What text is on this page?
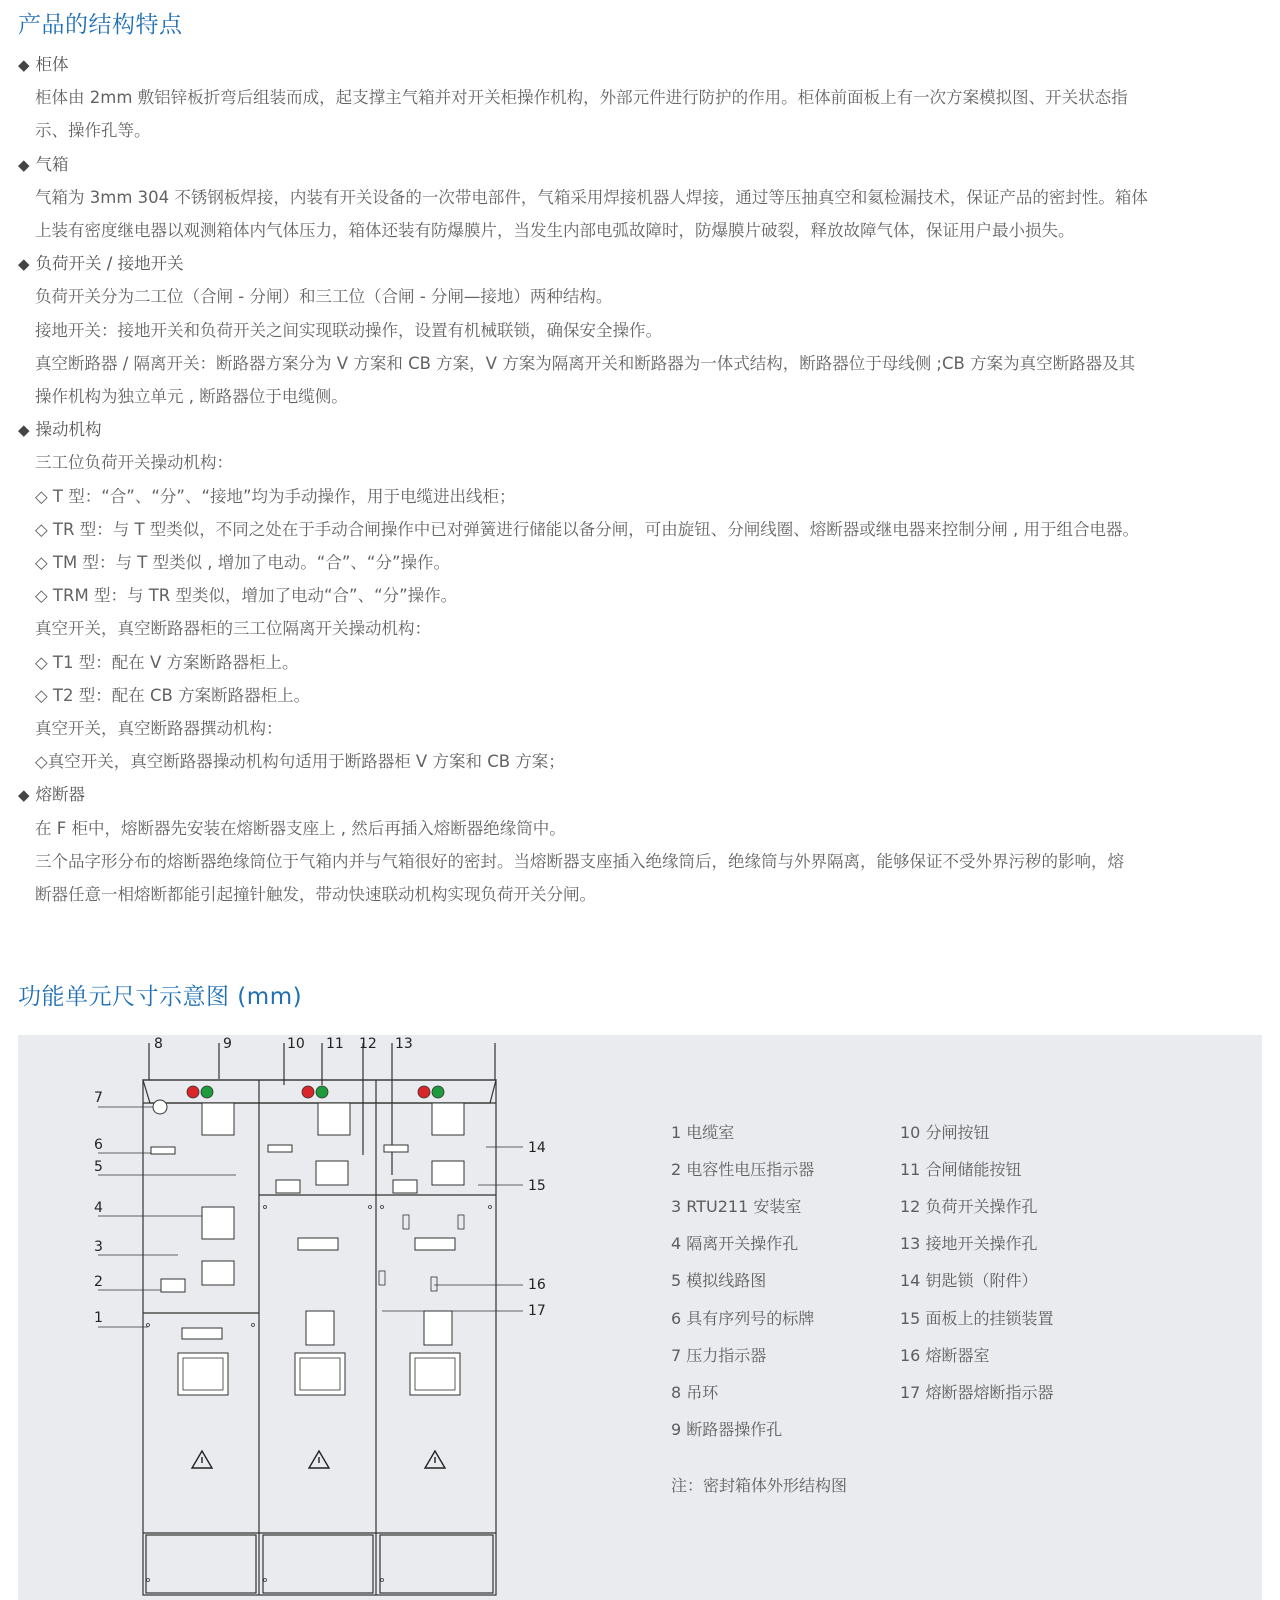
产品的结构特点
◆ 柜体
柜体由 2mm 敷铝锌板折弯后组装而成，起支撑主气箱并对开关柜操作机构，外部元件进行防护的作用。柜体前面板上有一次方案模拟图、开关状态指
示、操作孔等。
◆ 气箱
气箱为 3mm 304 不锈钢板焊接，内装有开关设备的一次带电部件，气箱采用焊接机器人焊接，通过等压抽真空和氦检漏技术，保证产品的密封性。箱体
上装有密度继电器以观测箱体内气体压力，箱体还装有防爆膜片，当发生内部电弧故障时，防爆膜片破裂，释放故障气体，保证用户最小损失。
◆ 负荷开关 / 接地开关
负荷开关分为二工位（合闸 - 分闸）和三工位（合闸 - 分闸—接地）两种结构。
接地开关：接地开关和负荷开关之间实现联动操作，设置有机械联锁，确保安全操作。
真空断路器 / 隔离开关：断路器方案分为 V 方案和 CB 方案，V 方案为隔离开关和断路器为一体式结构，断路器位于母线侧 ;CB 方案为真空断路器及其
操作机构为独立单元 , 断路器位于电缆侧。
◆ 操动机构
三工位负荷开关操动机构：
◇ T 型：“合”、“分”、“接地”均为手动操作，用于电缆进出线柜；
◇ TR 型：与 T 型类似，不同之处在于手动合闸操作中已对弹簧进行储能以备分闸，可由旋钮、分闸线圈、熔断器或继电器来控制分闸 , 用于组合电器。
◇ TM 型：与 T 型类似 , 增加了电动。“合”、“分”操作。
◇ TRM 型：与 TR 型类似，增加了电动“合”、“分”操作。
真空开关，真空断路器柜的三工位隔离开关操动机构：
◇ T1 型：配在 V 方案断路器柜上。
◇ T2 型：配在 CB 方案断路器柜上。
真空开关，真空断路器撰动机构：
◇真空开关，真空断路器操动机构句适用于断路器柜 V 方案和 CB 方案；
◆ 熔断器
在 F 柜中，熔断器先安装在熔断器支座上 , 然后再插入熔断器绝缘筒中。
三个品字形分布的熔断器绝缘筒位于气箱内并与气箱很好的密封。当熔断器支座插入绝缘筒后，绝缘筒与外界隔离，能够保证不受外界污秽的影响，熔
断器任意一相熔断都能引起撞针触发，带动快速联动机构实现负荷开关分闸。
功能单元尺寸示意图 (mm)
8	9	10 11 12 13
7
6
5
4
3
2
1
14
15
16
17
1 电缆室
2 电容性电压指示器
3 RTU211 安装室
4 隔离开关操作孔
5 模拟线路图
6 具有序列号的标牌
7 压力指示器
8 吊环
9 断路器操作孔
10 分闸按钮
11 合闸储能按钮
12 负荷开关操作孔
13 接地开关操作孔
14 钥匙锁（附件）
15 面板上的挂锁装置
16 熔断器室
17 熔断器熔断指示器
注：密封箱体外形结构图
